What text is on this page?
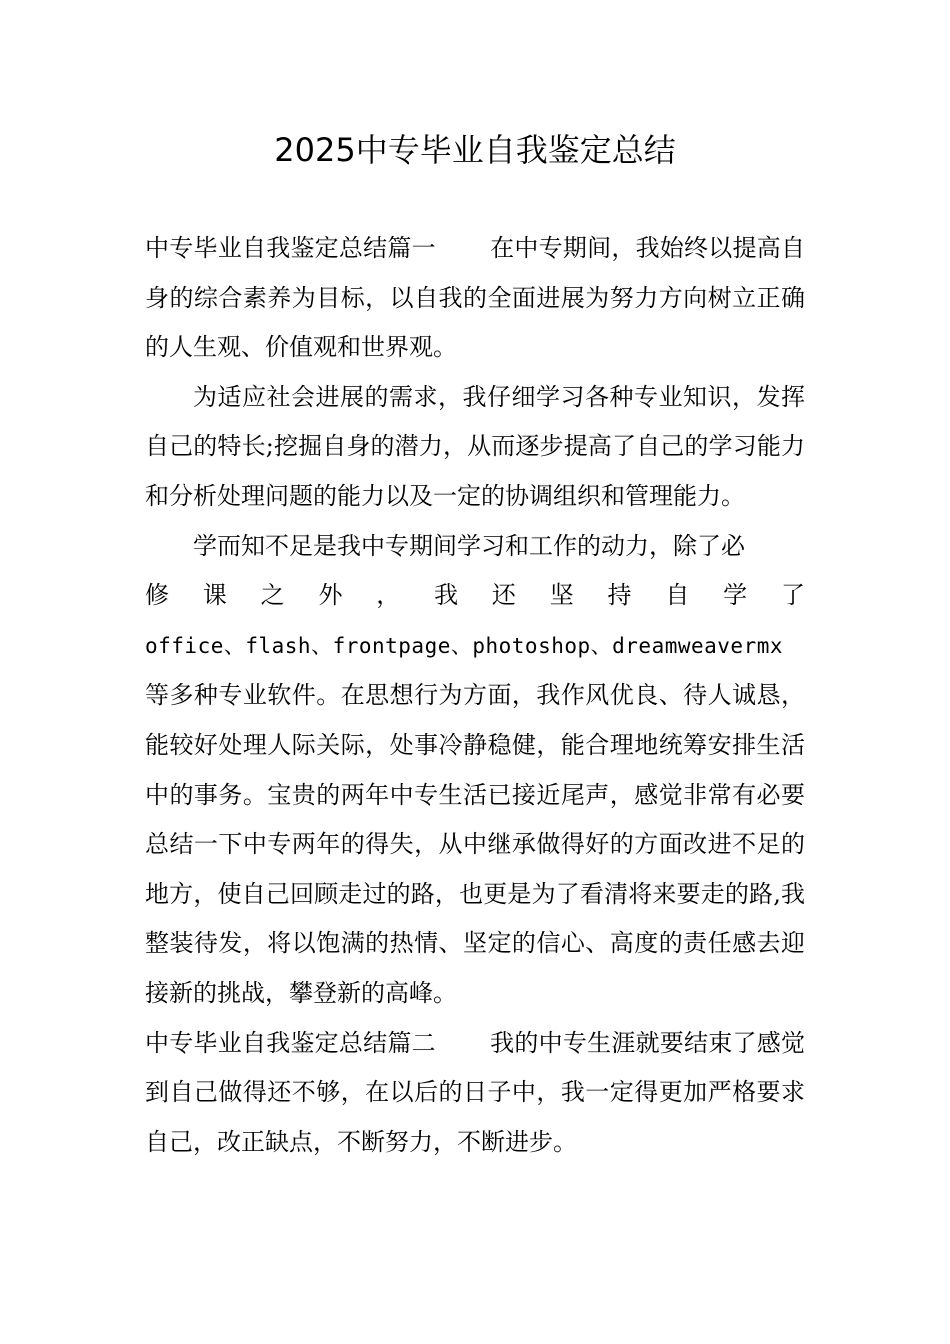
2025中专毕业自我鉴定总结

中专毕业自我鉴定总结篇一 在中专期间，我始终以提高自身的综合素养为目标，以自我的全面进展为努力方向树立正确的人生观、价值观和世界观。

为适应社会进展的需求，我仔细学习各种专业知识，发挥自己的特长;挖掘自身的潜力，从而逐步提高了自己的学习能力和分析处理问题的能力以及一定的协调组织和管理能力。

学而知不足是我中专期间学习和工作的动力，除了必

修 课 之 外 ， 我 还 坚 持 自 学 了

office、flash、frontpage、photoshop、dreamweavermx

等多种专业软件。在思想行为方面，我作风优良、待人诚恳，能较好处理人际关际，处事冷静稳健，能合理地统筹安排生活中的事务。宝贵的两年中专生活已接近尾声，感觉非常有必要总结一下中专两年的得失，从中继承做得好的方面改进不足的地方，使自己回顾走过的路，也更是为了看清将来要走的路,我整装待发，将以饱满的热情、坚定的信心、高度的责任感去迎接新的挑战，攀登新的高峰。

中专毕业自我鉴定总结篇二 我的中专生涯就要结束了感觉到自己做得还不够，在以后的日子中，我一定得更加严格要求自己，改正缺点，不断努力，不断进步。
